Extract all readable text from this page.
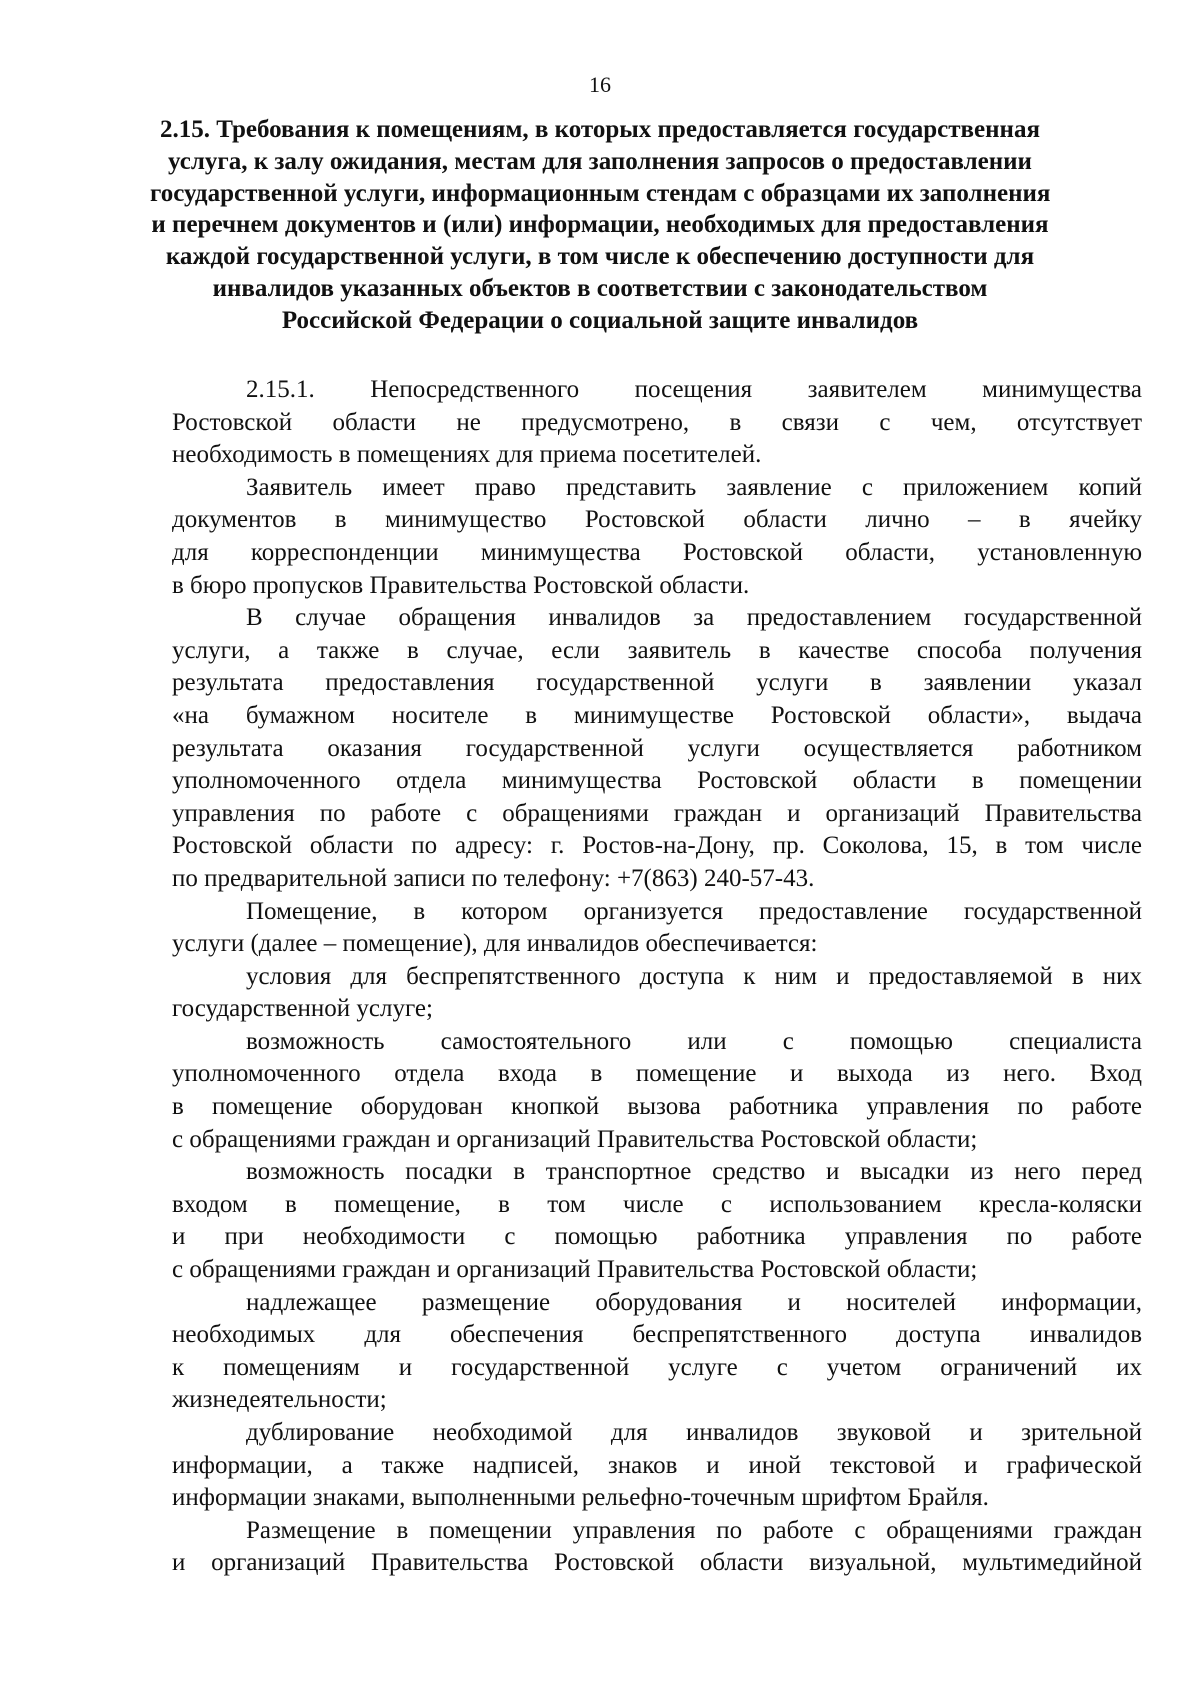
16
2.15. Требования к помещениям, в которых предоставляется государственная
услуга, к залу ожидания, местам для заполнения запросов о предоставлении
государственной услуги, информационным стендам с образцами их заполнения
и перечнем документов и (или) информации, необходимых для предоставления
каждой государственной услуги, в том числе к обеспечению доступности для
инвалидов указанных объектов в соответствии с законодательством
Российской Федерации о социальной защите инвалидов

2.15.1. Непосредственного посещения заявителем минимущества
Ростовской области не предусмотрено, в связи с чем, отсутствует
необходимость в помещениях для приема посетителей.

Заявитель имеет право представить заявление с приложением копий
документов в минимущество Ростовской области лично – в ячейку
для корреспонденции минимущества Ростовской области, установленную
в бюро пропусков Правительства Ростовской области.

В случае обращения инвалидов за предоставлением государственной
услуги, а также в случае, если заявитель в качестве способа получения
результата предоставления государственной услуги в заявлении указал
«на бумажном носителе в минимуществе Ростовской области», выдача
результата оказания государственной услуги осуществляется работником
уполномоченного отдела минимущества Ростовской области в помещении
управления по работе с обращениями граждан и организаций Правительства
Ростовской области по адресу: г. Ростов-на-Дону, пр. Соколова, 15, в том числе
по предварительной записи по телефону: +7(863) 240-57-43.

Помещение, в котором организуется предоставление государственной
услуги (далее – помещение), для инвалидов обеспечивается:

условия для беспрепятственного доступа к ним и предоставляемой в них
государственной услуге;

возможность самостоятельного или с помощью специалиста
уполномоченного отдела входа в помещение и выхода из него. Вход
в помещение оборудован кнопкой вызова работника управления по работе
с обращениями граждан и организаций Правительства Ростовской области;

возможность посадки в транспортное средство и высадки из него перед
входом в помещение, в том числе с использованием кресла-коляски
и при необходимости с помощью работника управления по работе
с обращениями граждан и организаций Правительства Ростовской области;

надлежащее размещение оборудования и носителей информации,
необходимых для обеспечения беспрепятственного доступа инвалидов
к помещениям и государственной услуге с учетом ограничений их
жизнедеятельности;

дублирование необходимой для инвалидов звуковой и зрительной
информации, а также надписей, знаков и иной текстовой и графической
информации знаками, выполненными рельефно-точечным шрифтом Брайля.

Размещение в помещении управления по работе с обращениями граждан
и организаций Правительства Ростовской области визуальной, мультимедийной
